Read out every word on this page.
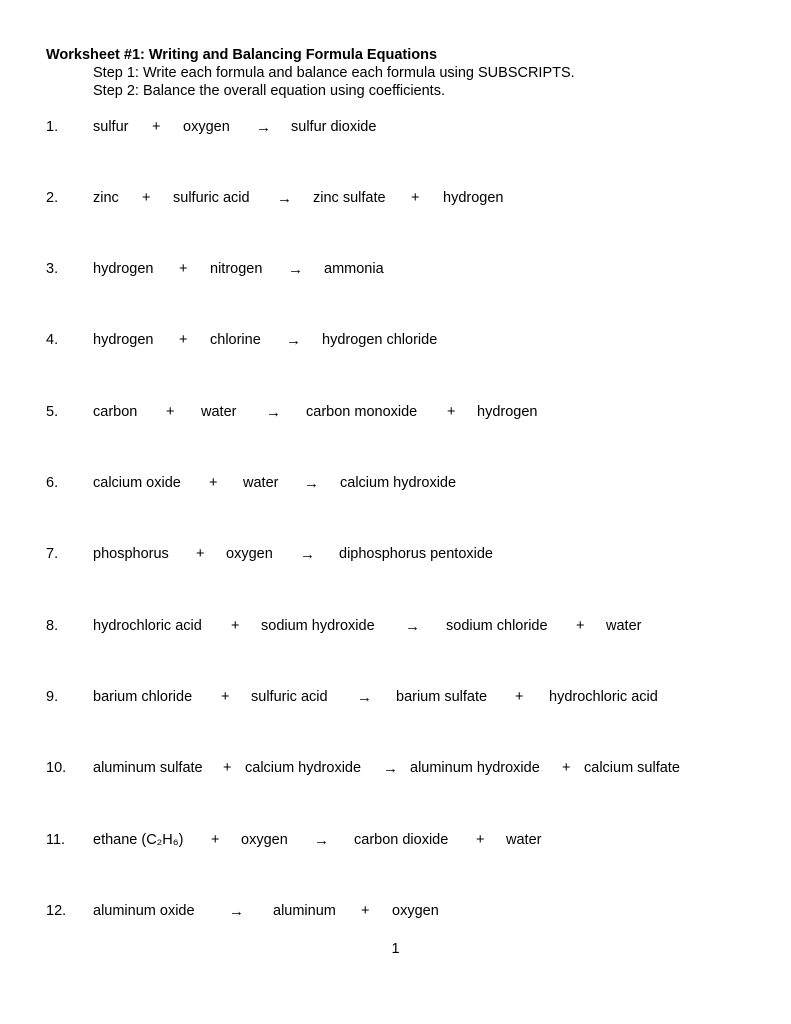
Worksheet #1: Writing and Balancing Formula Equations
Step 1: Write each formula and balance each formula using SUBSCRIPTS.
Step 2: Balance the overall equation using coefficients.
1. sulfur + oxygen → sulfur dioxide
2. zinc + sulfuric acid → zinc sulfate + hydrogen
3. hydrogen + nitrogen → ammonia
4. hydrogen + chlorine → hydrogen chloride
5. carbon + water → carbon monoxide + hydrogen
6. calcium oxide + water → calcium hydroxide
7. phosphorus + oxygen → diphosphorus pentoxide
8. hydrochloric acid + sodium hydroxide → sodium chloride + water
9. barium chloride + sulfuric acid → barium sulfate + hydrochloric acid
10. aluminum sulfate + calcium hydroxide → aluminum hydroxide + calcium sulfate
11. ethane (C₂H₆) + oxygen → carbon dioxide + water
12. aluminum oxide → aluminum + oxygen
1
